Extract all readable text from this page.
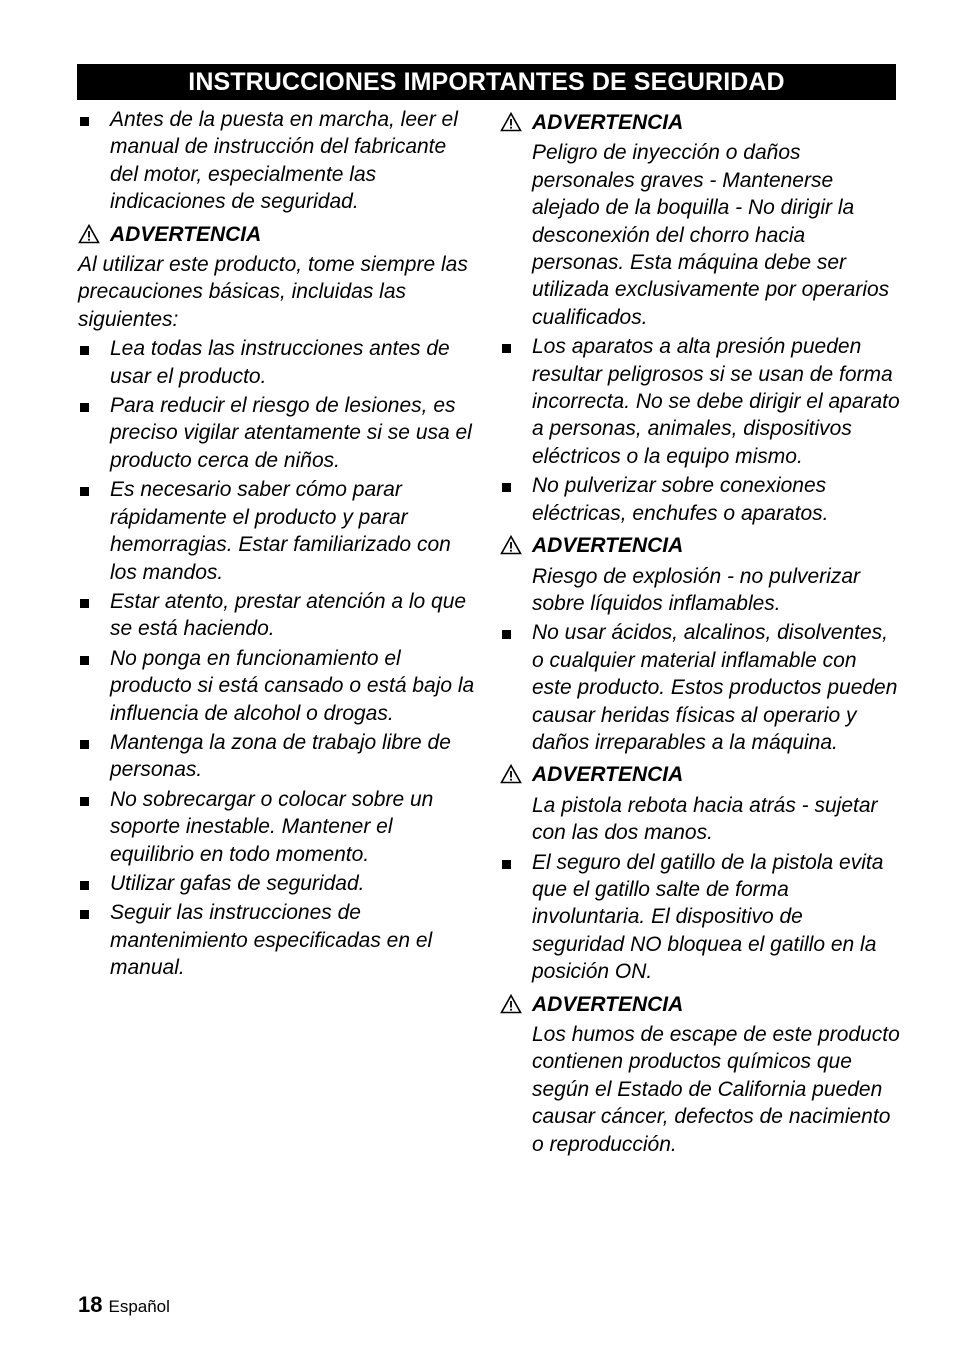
INSTRUCCIONES IMPORTANTES DE SEGURIDAD
Antes de la puesta en marcha, leer el manual de instrucción del fabricante del motor, especialmente las indicaciones de seguridad.
ADVERTENCIA
Al utilizar este producto, tome siempre las precauciones básicas, incluidas las siguientes:
Lea todas las instrucciones antes de usar el producto.
Para reducir el riesgo de lesiones, es preciso vigilar atentamente si se usa el producto cerca de niños.
Es necesario saber cómo parar rápidamente el producto y parar hemorragias. Estar familiarizado con los mandos.
Estar atento, prestar atención a lo que se está haciendo.
No ponga en funcionamiento el producto si está cansado o está bajo la influencia de alcohol o drogas.
Mantenga la zona de trabajo libre de personas.
No sobrecargar o colocar sobre un soporte inestable. Mantener el equilibrio en todo momento.
Utilizar gafas de seguridad.
Seguir las instrucciones de mantenimiento especificadas en el manual.
ADVERTENCIA
Peligro de inyección o daños personales graves - Mantenerse alejado de la boquilla - No dirigir la desconexión del chorro hacia personas. Esta máquina debe ser utilizada exclusivamente por operarios cualificados.
Los aparatos a alta presión pueden resultar peligrosos si se usan de forma incorrecta. No se debe dirigir el aparato a personas, animales, dispositivos eléctricos o la equipo mismo.
No pulverizar sobre conexiones eléctricas, enchufes o aparatos.
ADVERTENCIA
Riesgo de explosión - no pulverizar sobre líquidos inflamables.
No usar ácidos, alcalinos, disolventes, o cualquier material inflamable con este producto. Estos productos pueden causar heridas físicas al operario y daños irreparables a la máquina.
ADVERTENCIA
La pistola rebota hacia atrás - sujetar con las dos manos.
El seguro del gatillo de la pistola evita que el gatillo salte de forma involuntaria. El dispositivo de seguridad NO bloquea el gatillo en la posición ON.
ADVERTENCIA
Los humos de escape de este producto contienen productos químicos que según el Estado de California pueden causar cáncer, defectos de nacimiento o reproducción.
18 Español
